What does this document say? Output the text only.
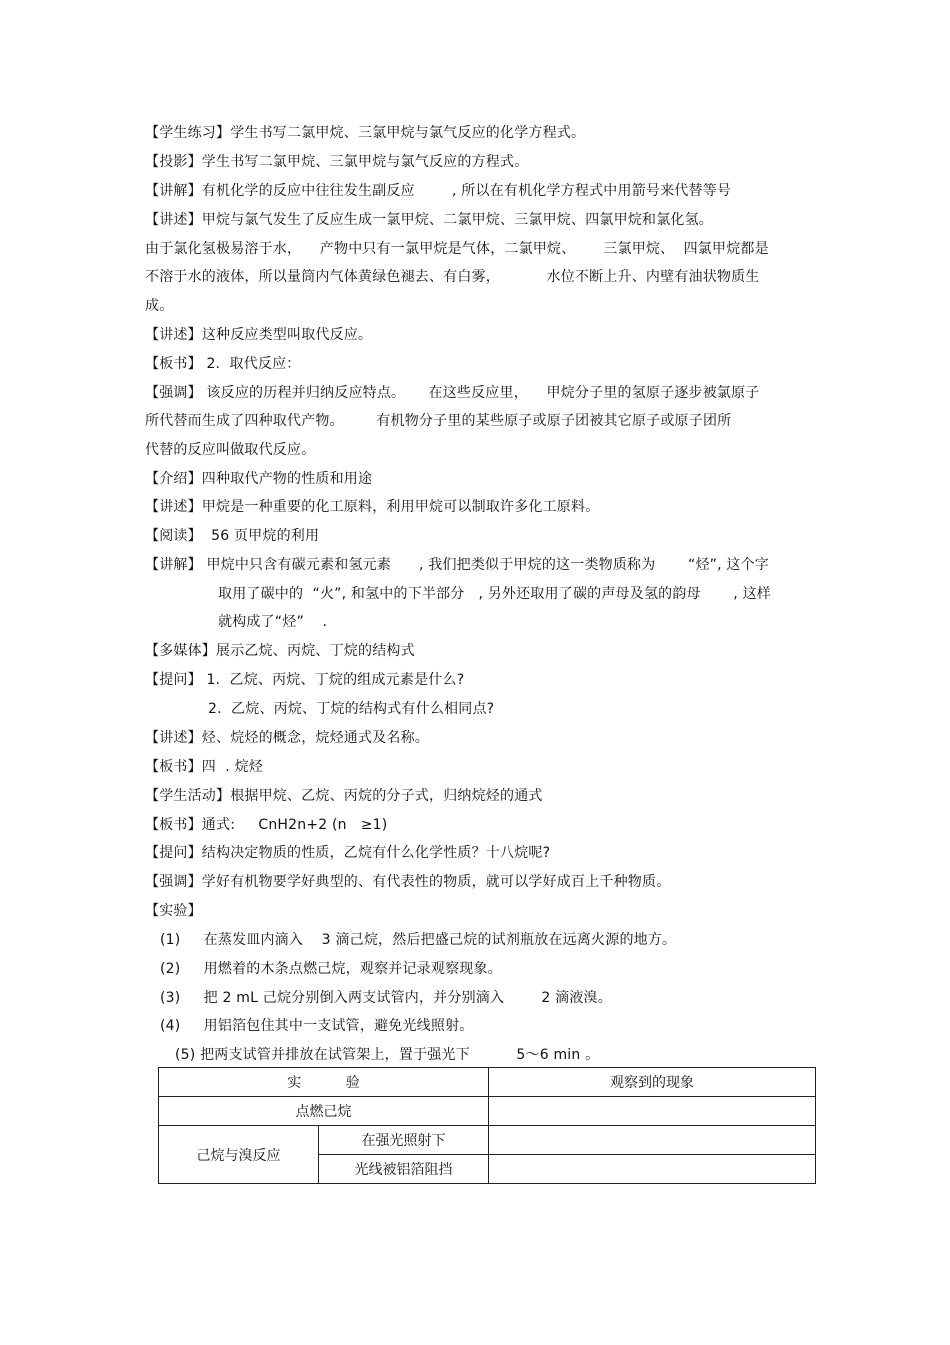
【学生练习】学生书写二氯甲烷、三氯甲烷与氯气反应的化学方程式。
【投影】学生书写二氯甲烷、三氯甲烷与氯气反应的方程式。
【讲解】有机化学的反应中往往发生副反应        , 所以在有机化学方程式中用箭号来代替等号
【讲述】甲烷与氯气发生了反应生成一氯甲烷、二氯甲烷、三氯甲烷、四氯甲烷和氯化氢。
由于氯化氢极易溶于水，    产物中只有一氯甲烷是气体，二氯甲烷、      三氯甲烷、  四氯甲烷都是
不溶于水的液体，所以量筒内气体黄绿色褪去、有白雾，          水位不断上升、内壁有油状物质生
成。
【讲述】这种反应类型叫取代反应。
【板书】 2.  取代反应：
【强调】 该反应的历程并归纳反应特点。     在这些反应里，    甲烷分子里的氢原子逐步被氯原子
所代替而生成了四种取代产物。       有机物分子里的某些原子或原子团被其它原子或原子团所
代替的反应叫做取代反应。
【介绍】四种取代产物的性质和用途
【讲述】甲烷是一种重要的化工原料，利用甲烷可以制取许多化工原料。
【阅读】  56 页甲烷的利用
【讲解】 甲烷中只含有碳元素和氢元素      , 我们把类似于甲烷的这一类物质称为       “烃”, 这个字
取用了碳中的  “火”, 和氢中的下半部分   , 另外还取用了碳的声母及氢的韵母       , 这样
就构成了“烃”    .
【多媒体】展示乙烷、丙烷、丁烷的结构式
【提问】 1.  乙烷、丙烷、丁烷的组成元素是什么?
2.  乙烷、丙烷、丁烷的结构式有什么相同点?
【讲述】烃、烷烃的概念，烷烃通式及名称。
【板书】四  . 烷烃
【学生活动】根据甲烷、乙烷、丙烷的分子式，归纳烷烃的通式
【板书】通式:     CnH2n+2 (n   ≥1)
【提问】结构决定物质的性质，乙烷有什么化学性质？十八烷呢?
【强调】学好有机物要学好典型的、有代表性的物质，就可以学好成百上千种物质。
【实验】
(1)     在蒸发皿内滴入    3 滴己烷，然后把盛己烷的试剂瓶放在远离火源的地方。
(2)     用燃着的木条点燃己烷，观察并记录观察现象。
(3)     把 2 mL 己烷分别倒入两支试管内，并分别滴入        2 滴液溴。
(4)     用铝箔包住其中一支试管，避免光线照射。
(5) 把两支试管并排放在试管架上，置于强光下          5～6 min 。
实          验		观察到的现象
点燃己烷		
己烷与溴反应	在强光照射下	
	光线被铝箔阻挡	
